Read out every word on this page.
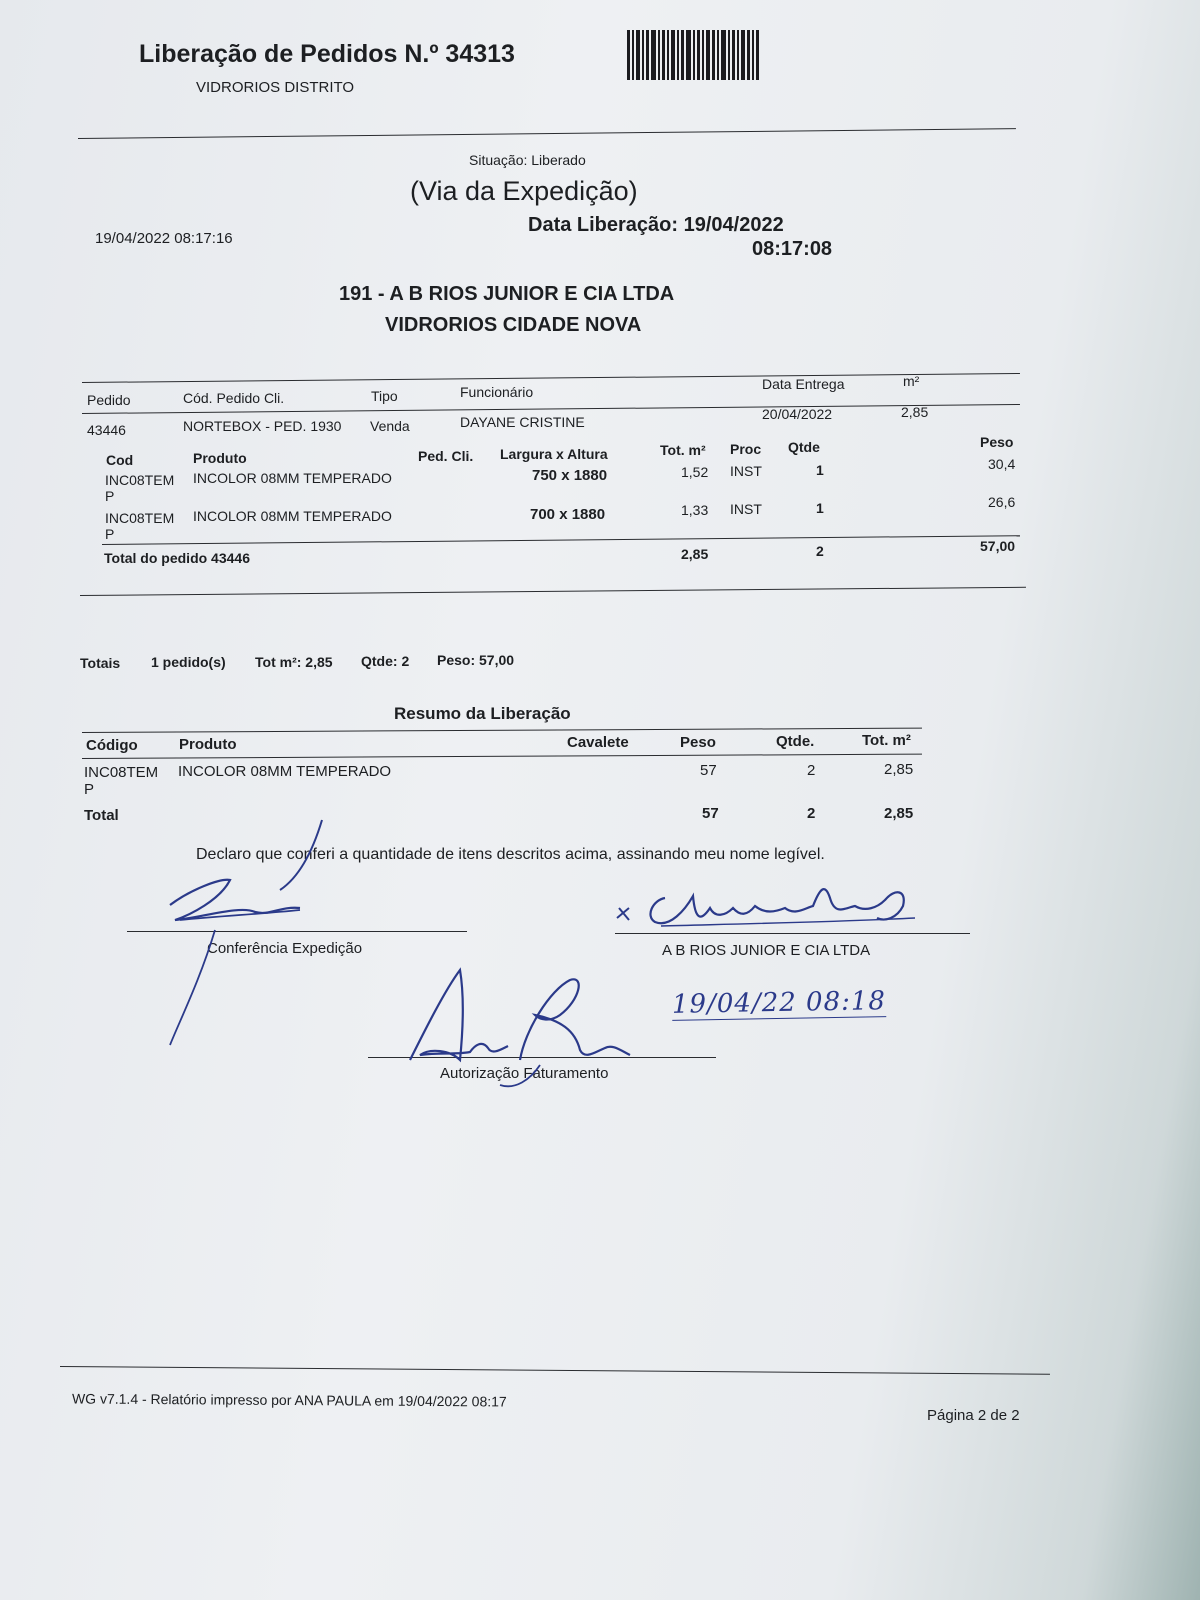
Liberação de Pedidos N.º 34313
VIDRORIOS DISTRITO
Situação: Liberado
(Via da Expedição)
19/04/2022 08:17:16
Data Liberação: 19/04/2022
08:17:08
191 - A B RIOS JUNIOR E CIA LTDA
VIDRORIOS CIDADE NOVA
Pedido	Cód. Pedido Cli.	Tipo	Funcionário	Data Entrega	m²
43446	NORTEBOX - PED. 1930 Venda	DAYANE CRISTINE	20/04/2022	2,85
Cod	Produto	Ped. Cli. Largura x Altura	Tot. m² Proc Qtde	Peso
INC08TEM
P
INCOLOR 08MM TEMPERADO	750 x 1880	1,52 INST	1	30,4
INC08TEM
P
INCOLOR 08MM TEMPERADO	700 x 1880	1,33 INST	1	26,6
Total do pedido 43446	2,85	2	57,00
Totais 1 pedido(s) Tot m²: 2,85 Qtde: 2 Peso: 57,00
Resumo da Liberação
Código	Produto	Cavalete	Peso	Qtde.	Tot. m²
INC08TEM
P
INCOLOR 08MM TEMPERADO	57	2	2,85
Total	57	2	2,85
Declaro que conferi a quantidade de itens descritos acima, assinando meu nome legível.
Conferência Expedição	A B RIOS JUNIOR E CIA LTDA
Autorização Faturamento
19/04/22 08:18
WG v7.1.4 - Relatório impresso por ANA PAULA em 19/04/2022 08:17
Página 2 de 2
